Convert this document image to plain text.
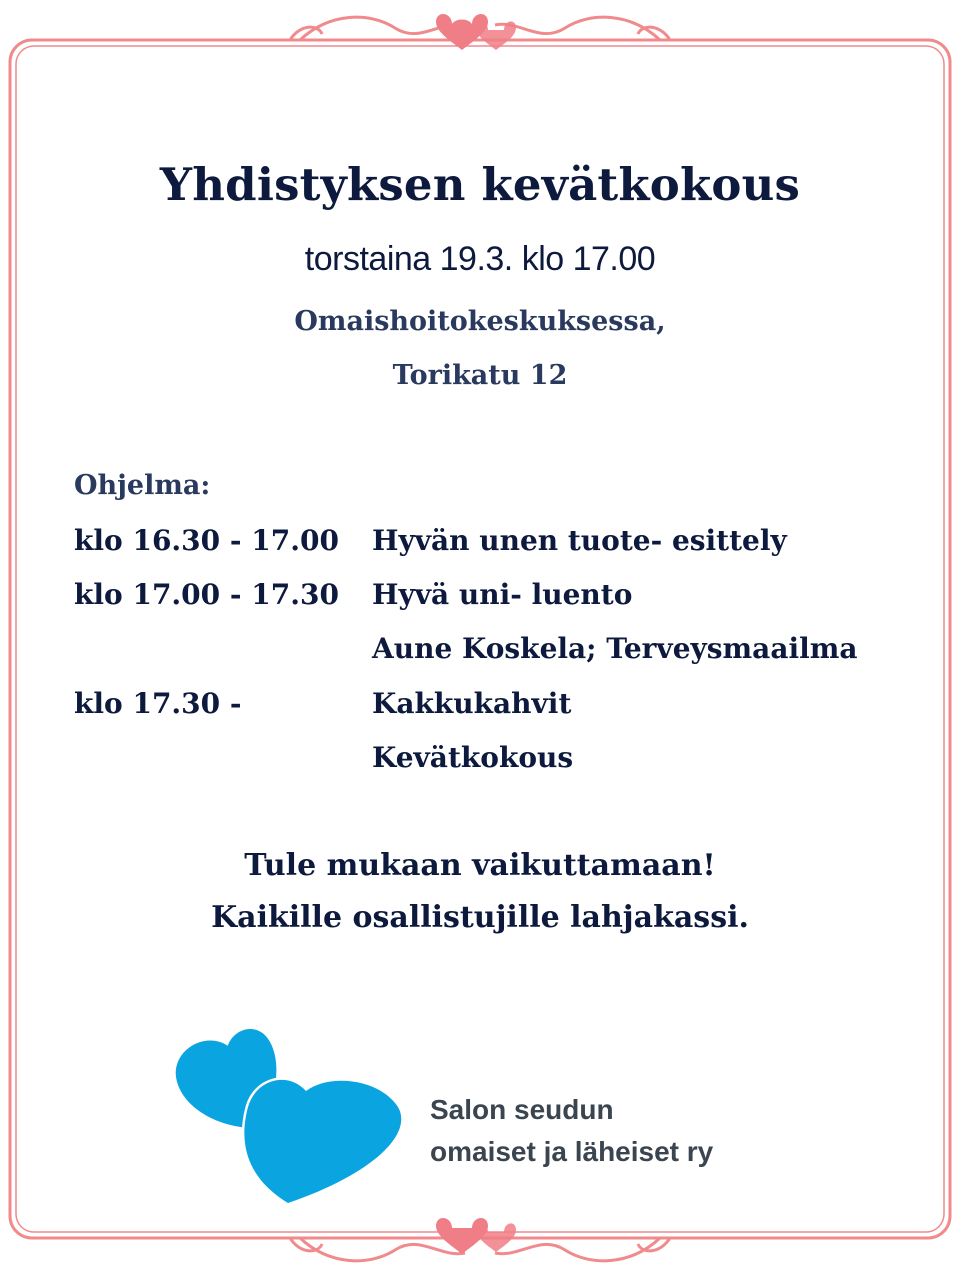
Yhdistyksen kevätkokous
torstaina 19.3. klo 17.00
Omaishoitokeskuksessa,
Torikatu 12
Ohjelma:
klo 16.30 - 17.00 Hyvän unen tuote- esittely
klo 17.00 - 17.30 Hyvä uni- luento
Aune Koskela; Terveysmaailma
klo 17.30 -	Kakkukahvit
Kevätkokous
Tule mukaan vaikuttamaan!
Kaikille osallistujille lahjakassi.
Salon seudun
omaiset ja läheiset ry
